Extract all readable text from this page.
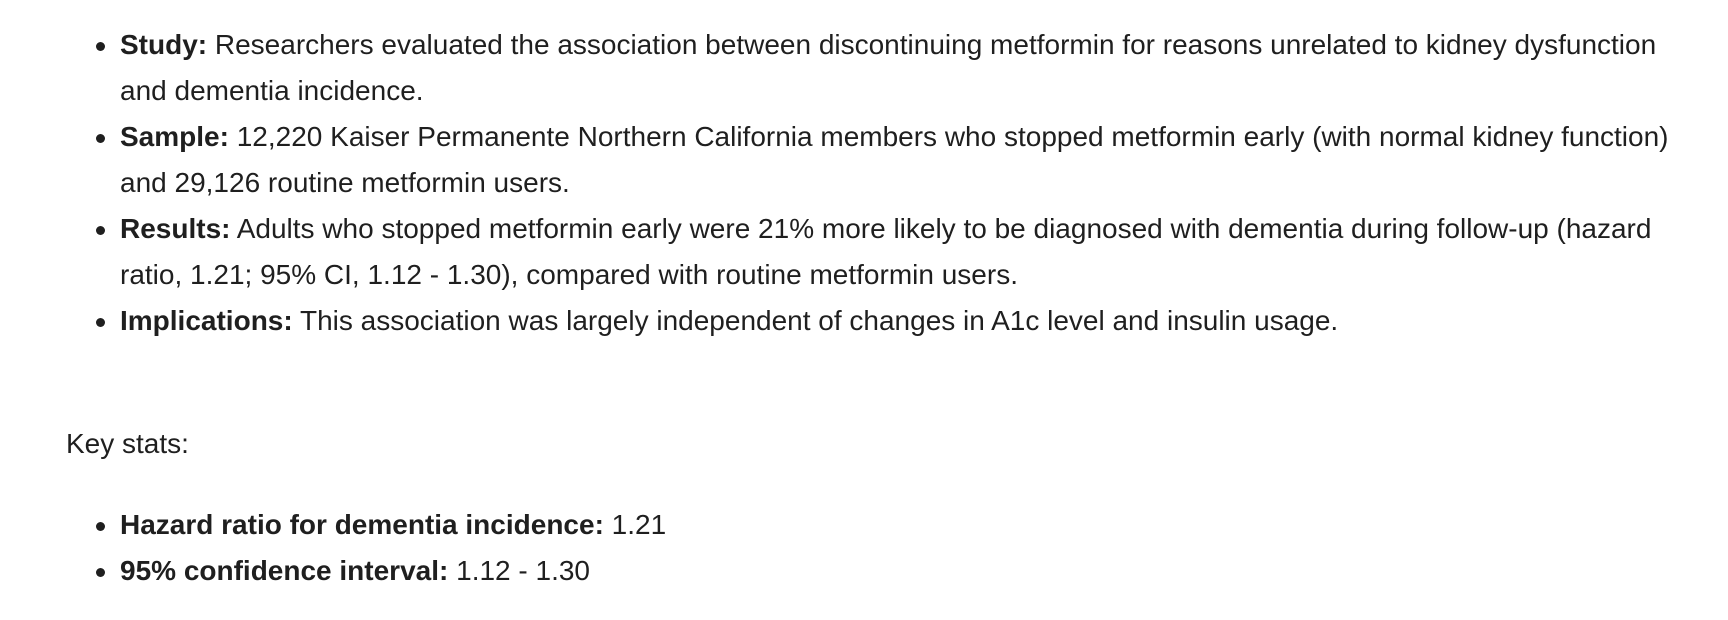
Study: Researchers evaluated the association between discontinuing metformin for reasons unrelated to kidney dysfunction and dementia incidence.
Sample: 12,220 Kaiser Permanente Northern California members who stopped metformin early (with normal kidney function) and 29,126 routine metformin users.
Results: Adults who stopped metformin early were 21% more likely to be diagnosed with dementia during follow-up (hazard ratio, 1.21; 95% CI, 1.12 - 1.30), compared with routine metformin users.
Implications: This association was largely independent of changes in A1c level and insulin usage.

Key stats:

Hazard ratio for dementia incidence: 1.21
95% confidence interval: 1.12 - 1.30
